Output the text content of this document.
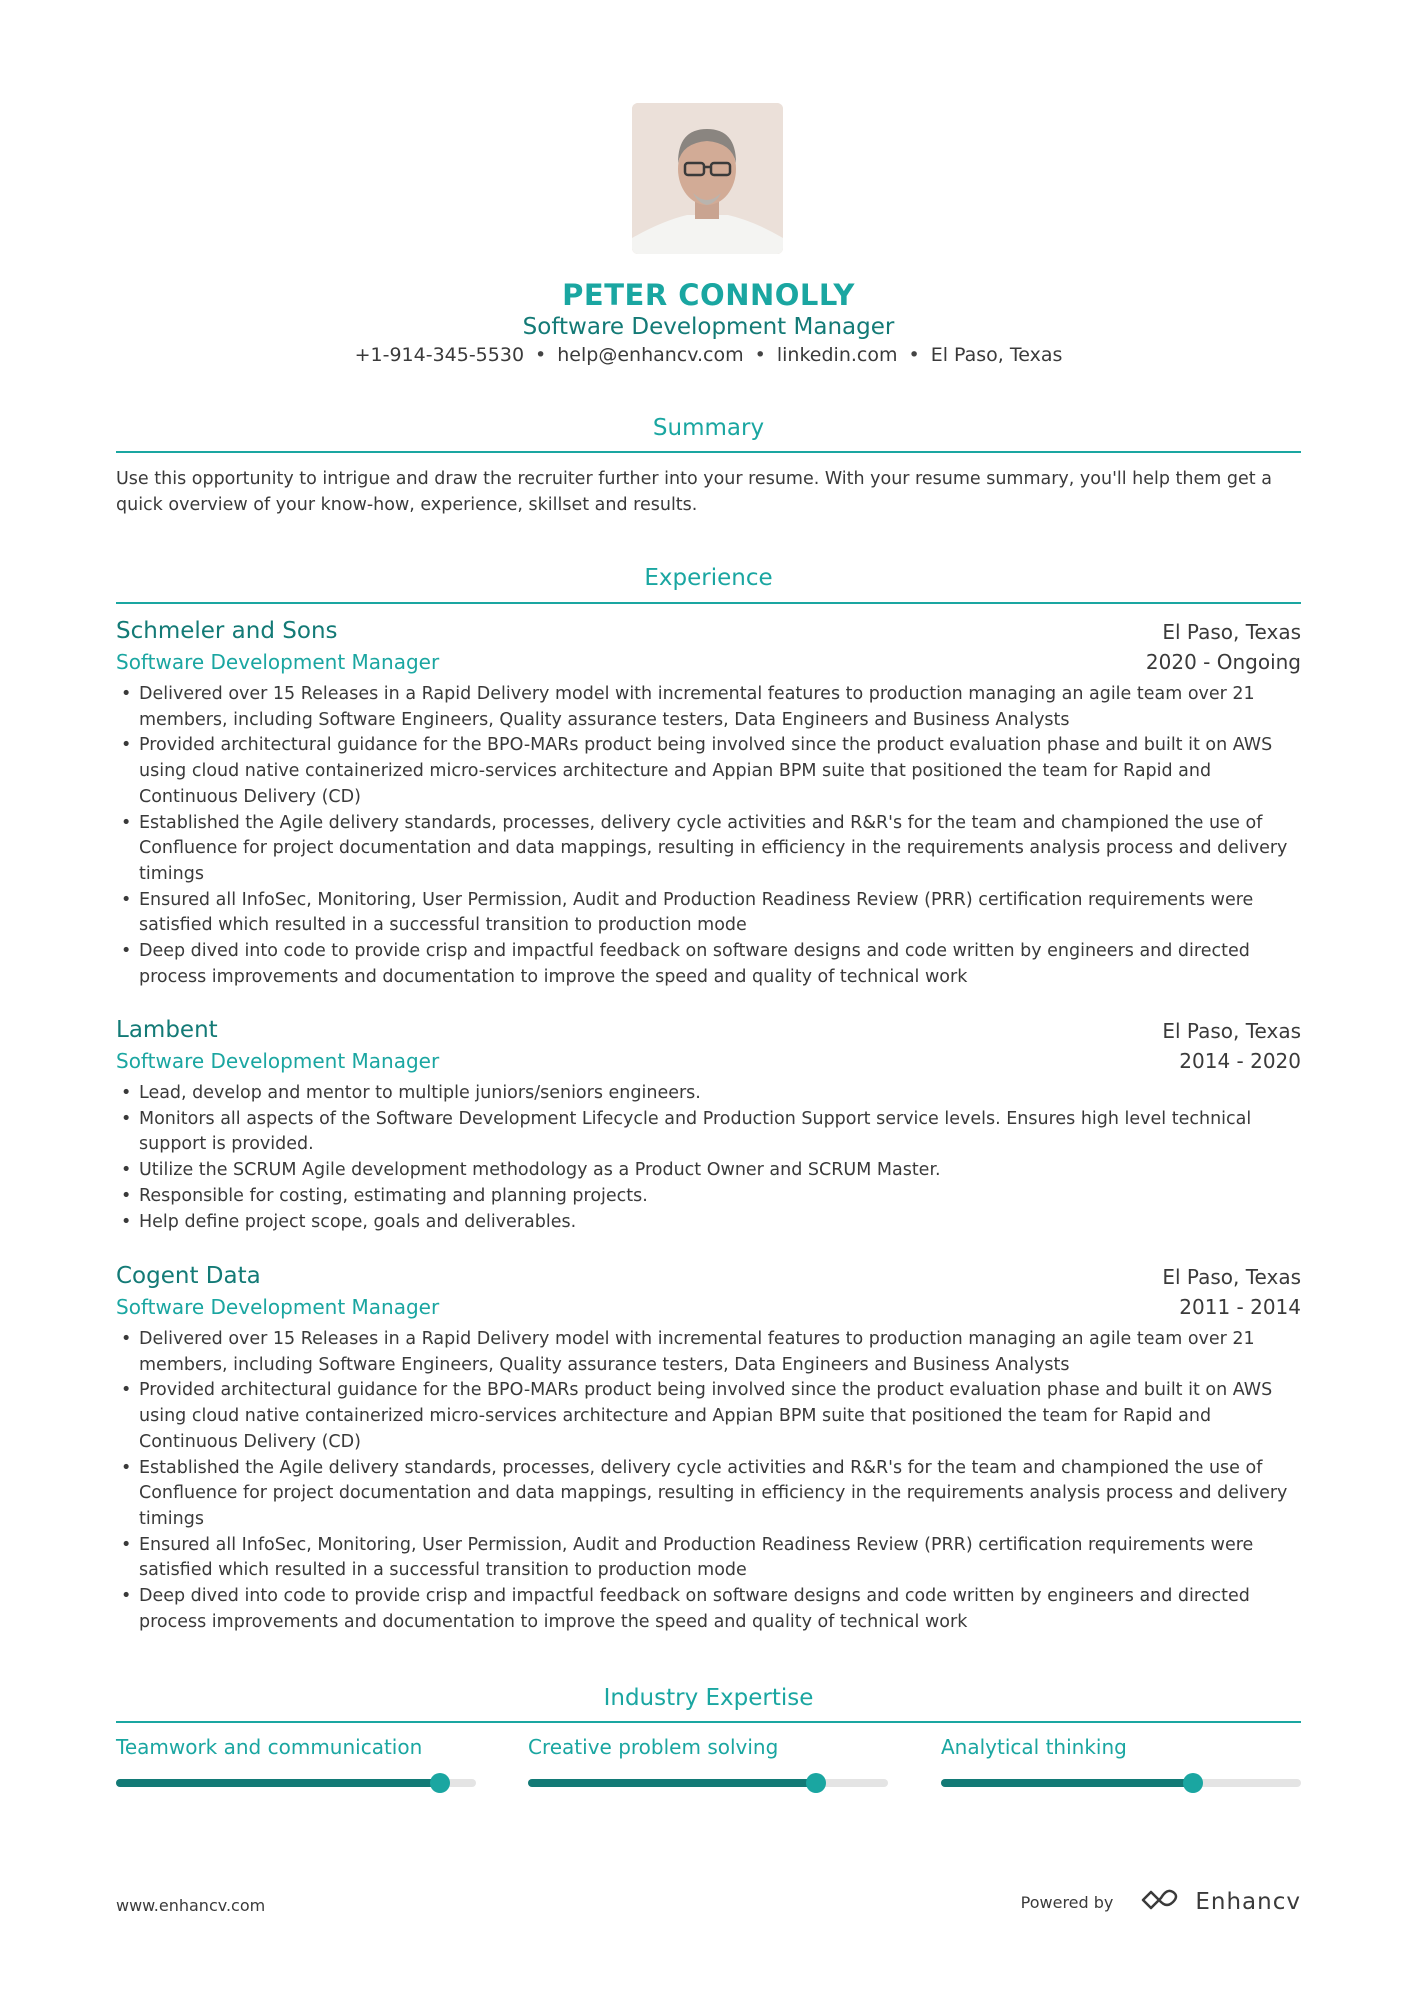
PETER CONNOLLY
Software Development Manager
+1-914-345-5530 • help@enhancv.com • linkedin.com • El Paso, Texas
Summary
Use this opportunity to intrigue and draw the recruiter further into your resume. With your resume summary, you'll help them get a quick overview of your know-how, experience, skillset and results.
Experience
Schmeler and Sons	El Paso, Texas
Software Development Manager	2020 - Ongoing
• Delivered over 15 Releases in a Rapid Delivery model with incremental features to production managing an agile team over 21 members, including Software Engineers, Quality assurance testers, Data Engineers and Business Analysts
• Provided architectural guidance for the BPO-MARs product being involved since the product evaluation phase and built it on AWS using cloud native containerized micro-services architecture and Appian BPM suite that positioned the team for Rapid and Continuous Delivery (CD)
• Established the Agile delivery standards, processes, delivery cycle activities and R&R's for the team and championed the use of Confluence for project documentation and data mappings, resulting in efficiency in the requirements analysis process and delivery timings
• Ensured all InfoSec, Monitoring, User Permission, Audit and Production Readiness Review (PRR) certification requirements were satisfied which resulted in a successful transition to production mode
• Deep dived into code to provide crisp and impactful feedback on software designs and code written by engineers and directed process improvements and documentation to improve the speed and quality of technical work
Lambent	El Paso, Texas
Software Development Manager	2014 - 2020
• Lead, develop and mentor to multiple juniors/seniors engineers.
• Monitors all aspects of the Software Development Lifecycle and Production Support service levels. Ensures high level technical support is provided.
• Utilize the SCRUM Agile development methodology as a Product Owner and SCRUM Master.
• Responsible for costing, estimating and planning projects.
• Help define project scope, goals and deliverables.
Cogent Data	El Paso, Texas
Software Development Manager	2011 - 2014
• Delivered over 15 Releases in a Rapid Delivery model with incremental features to production managing an agile team over 21 members, including Software Engineers, Quality assurance testers, Data Engineers and Business Analysts
• Provided architectural guidance for the BPO-MARs product being involved since the product evaluation phase and built it on AWS using cloud native containerized micro-services architecture and Appian BPM suite that positioned the team for Rapid and Continuous Delivery (CD)
• Established the Agile delivery standards, processes, delivery cycle activities and R&R's for the team and championed the use of Confluence for project documentation and data mappings, resulting in efficiency in the requirements analysis process and delivery timings
• Ensured all InfoSec, Monitoring, User Permission, Audit and Production Readiness Review (PRR) certification requirements were satisfied which resulted in a successful transition to production mode
• Deep dived into code to provide crisp and impactful feedback on software designs and code written by engineers and directed process improvements and documentation to improve the speed and quality of technical work
Industry Expertise
Teamwork and communication	Creative problem solving	Analytical thinking
www.enhancv.com	Powered by	Enhancv
